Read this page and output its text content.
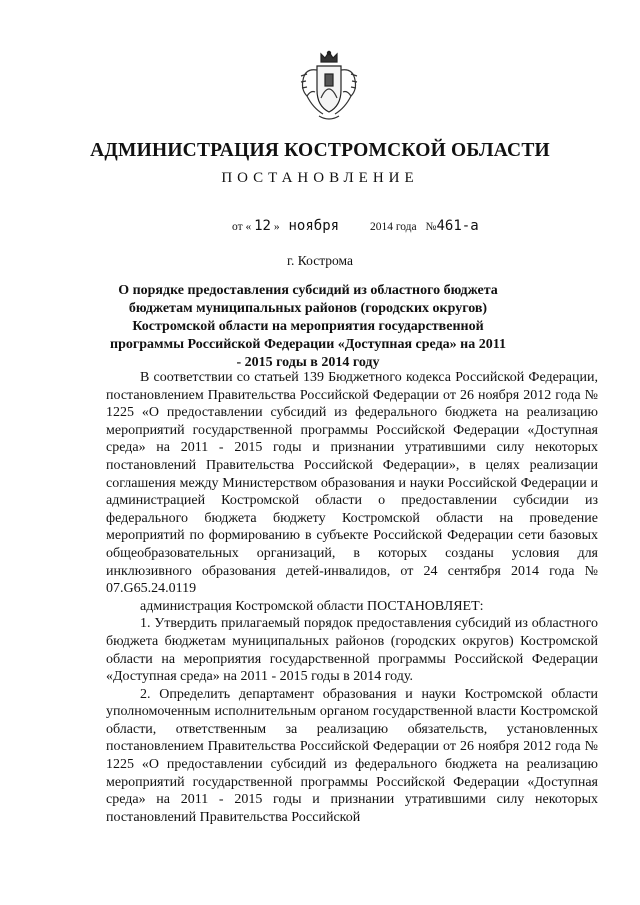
АДМИНИСТРАЦИЯ КОСТРОМСКОЙ ОБЛАСТИ
ПОСТАНОВЛЕНИЕ
от « 12 » ноября	2014 года №461-а
г. Кострома
О порядке предоставления субсидий из областного бюджета бюджетам муниципальных районов (городских округов) Костромской области на мероприятия государственной программы Российской Федерации «Доступная среда» на 2011 - 2015 годы в 2014 году

В соответствии со статьей 139 Бюджетного кодекса Российской Федерации, постановлением Правительства Российской Федерации от 26 ноября 2012 года № 1225 «О предоставлении субсидий из федерального бюджета на реализацию мероприятий государственной программы Российской Федерации «Доступная среда» на 2011 - 2015 годы и признании утратившими силу некоторых постановлений Правительства Российской Федерации», в целях реализации соглашения между Министерством образования и науки Российской Федерации и администрацией Костромской области о предоставлении субсидии из федерального бюджета бюджету Костромской области на проведение мероприятий по формированию в субъекте Российской Федерации сети базовых общеобразовательных организаций, в которых созданы условия для инклюзивного образования детей-инвалидов, от 24 сентября 2014 года № 07.G65.24.0119

администрация Костромской области ПОСТАНОВЛЯЕТ:

1. Утвердить прилагаемый порядок предоставления субсидий из областного бюджета бюджетам муниципальных районов (городских округов) Костромской области на мероприятия государственной программы Российской Федерации «Доступная среда» на 2011 - 2015 годы в 2014 году.

2. Определить департамент образования и науки Костромской области уполномоченным исполнительным органом государственной власти Костромской области, ответственным за реализацию обязательств, установленных постановлением Правительства Российской Федерации от 26 ноября 2012 года № 1225 «О предоставлении субсидий из федерального бюджета на реализацию мероприятий государственной программы Российской Федерации «Доступная среда» на 2011 - 2015 годы и признании утратившими силу некоторых постановлений Правительства Российской
